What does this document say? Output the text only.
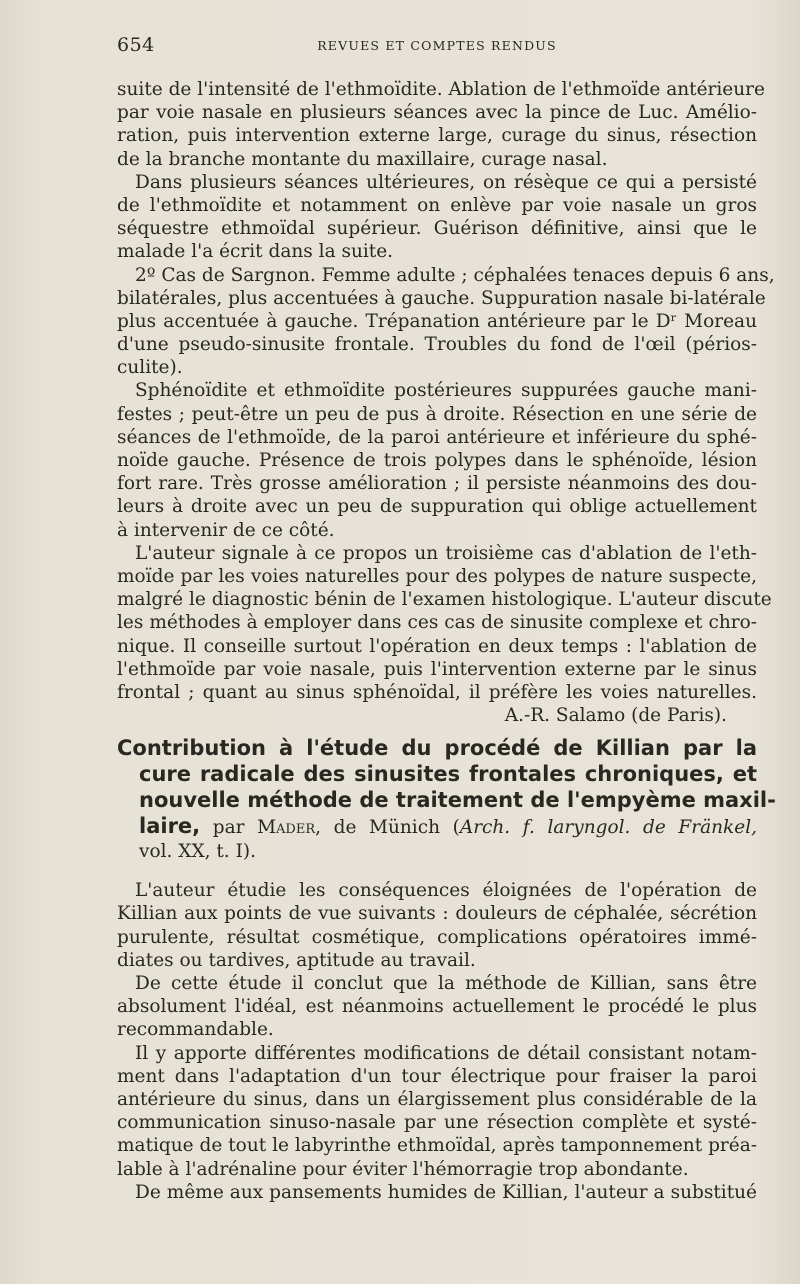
654	REVUES ET COMPTES RENDUS
suite de l'intensité de l'ethmoïdite. Ablation de l'ethmoïde antérieure
par voie nasale en plusieurs séances avec la pince de Luc. Amélio-
ration, puis intervention externe large, curage du sinus, résection
de la branche montante du maxillaire, curage nasal.
Dans plusieurs séances ultérieures, on résèque ce qui a persisté
de l'ethmoïdite et notamment on enlève par voie nasale un gros
séquestre ethmoïdal supérieur. Guérison définitive, ainsi que le
malade l'a écrit dans la suite.
2º Cas de Sargnon. Femme adulte ; céphalées tenaces depuis 6 ans,
bilatérales, plus accentuées à gauche. Suppuration nasale bi-latérale
plus accentuée à gauche. Trépanation antérieure par le Dʳ Moreau
d'une pseudo-sinusite frontale. Troubles du fond de l'œil (périos-
culite).
Sphénoïdite et ethmoïdite postérieures suppurées gauche mani-
festes ; peut-être un peu de pus à droite. Résection en une série de
séances de l'ethmoïde, de la paroi antérieure et inférieure du sphé-
noïde gauche. Présence de trois polypes dans le sphénoïde, lésion
fort rare. Très grosse amélioration ; il persiste néanmoins des dou-
leurs à droite avec un peu de suppuration qui oblige actuellement
à intervenir de ce côté.
L'auteur signale à ce propos un troisième cas d'ablation de l'eth-
moïde par les voies naturelles pour des polypes de nature suspecte,
malgré le diagnostic bénin de l'examen histologique. L'auteur discute
les méthodes à employer dans ces cas de sinusite complexe et chro-
nique. Il conseille surtout l'opération en deux temps : l'ablation de
l'ethmoïde par voie nasale, puis l'intervention externe par le sinus
frontal ; quant au sinus sphénoïdal, il préfère les voies naturelles.
A.-R. Salamo (de Paris).
Contribution à l'étude du procédé de Killian par la
cure radicale des sinusites frontales chroniques, et
nouvelle méthode de traitement de l'empyème maxil-
laire, par Mader, de Münich (Arch. f. laryngol. de Fränkel,
vol. XX, t. I).
L'auteur étudie les conséquences éloignées de l'opération de
Killian aux points de vue suivants : douleurs de céphalée, sécrétion
purulente, résultat cosmétique, complications opératoires immé-
diates ou tardives, aptitude au travail.
De cette étude il conclut que la méthode de Killian, sans être
absolument l'idéal, est néanmoins actuellement le procédé le plus
recommandable.
Il y apporte différentes modifications de détail consistant notam-
ment dans l'adaptation d'un tour électrique pour fraiser la paroi
antérieure du sinus, dans un élargissement plus considérable de la
communication sinuso-nasale par une résection complète et systé-
matique de tout le labyrinthe ethmoïdal, après tamponnement préa-
lable à l'adrénaline pour éviter l'hémorragie trop abondante.
De même aux pansements humides de Killian, l'auteur a substitué
